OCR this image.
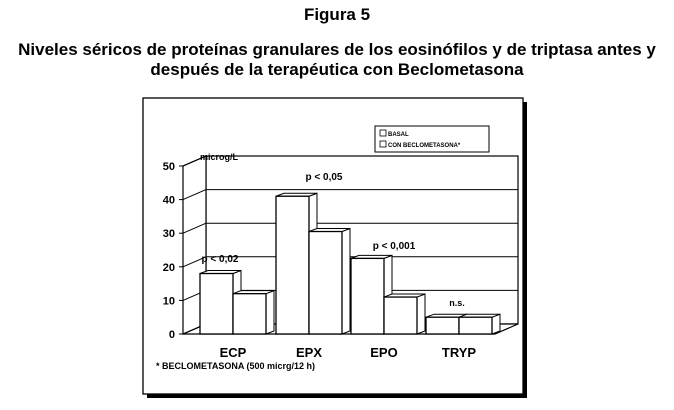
Figura 5
Niveles séricos de proteínas granulares de los eosinófilos y de triptasa antes y
después de la terapéutica con Beclometasona
0
10
20
30
40
50
microg/L
BASAL
CON BECLOMETASONA*
p < 0,02
p < 0,05
p < 0,001
n.s.
ECP	EPX	EPO	TRYP
* BECLOMETASONA (500 micrg/12 h)
